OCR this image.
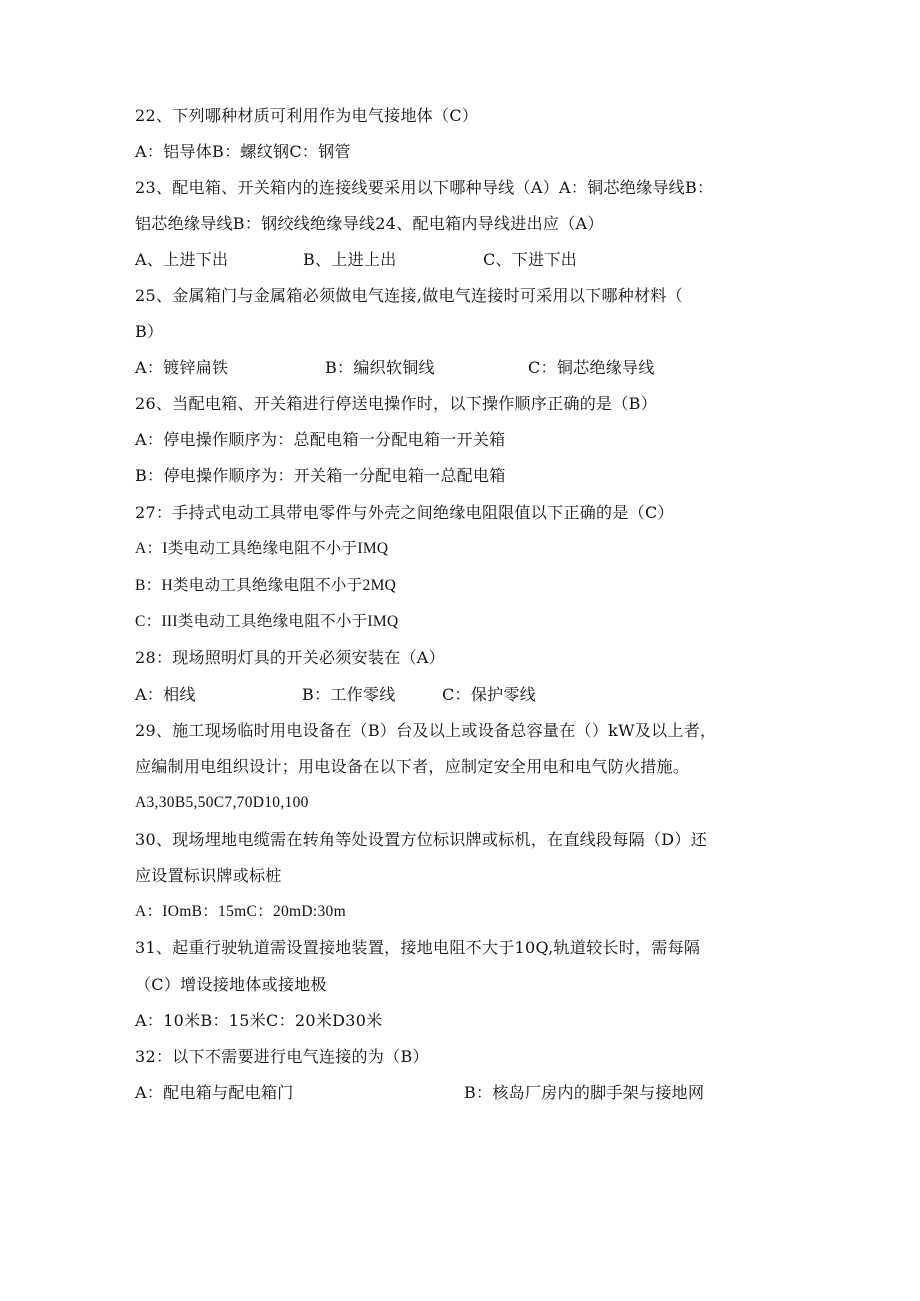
22、下列哪种材质可利用作为电气接地体（C）
A：铝导体B：螺纹钢C：钢管
23、配电箱、开关箱内的连接线要采用以下哪种导线（A）A：铜芯绝缘导线B：
铝芯绝缘导线B：钢绞线绝缘导线24、配电箱内导线进出应（A）
A、上进下出	B、上进上出	C、下进下出
25、金属箱门与金属箱必须做电气连接,做电气连接时可采用以下哪种材料（
B）
A：镀锌扁铁	B：编织软铜线	C：铜芯绝缘导线
26、当配电箱、开关箱进行停送电操作时，以下操作顺序正确的是（B）
A：停电操作顺序为：总配电箱一分配电箱一开关箱
B：停电操作顺序为：开关箱一分配电箱一总配电箱
27：手持式电动工具带电零件与外壳之间绝缘电阻限值以下正确的是（C）
A：I类电动工具绝缘电阻不小于IMQ
B：H类电动工具绝缘电阻不小于2MQ
C：III类电动工具绝缘电阻不小于IMQ
28：现场照明灯具的开关必须安装在（A）
A：相线	B：工作零线	C：保护零线
29、施工现场临时用电设备在（B）台及以上或设备总容量在（）kW及以上者，
应编制用电组织设计；用电设备在以下者，应制定安全用电和电气防火措施。
A3,30B5,50C7,70D10,100
30、现场埋地电缆需在转角等处设置方位标识牌或标机，在直线段每隔（D）还
应设置标识牌或标桩
A：IOmB：15mC：20mD:30m
31、起重行驶轨道需设置接地装置，接地电阻不大于10Q,轨道较长时，需每隔
（C）增设接地体或接地极
A：10米B：15米C：20米D30米
32：以下不需要进行电气连接的为（B）
A：配电箱与配电箱门	B：核岛厂房内的脚手架与接地网
